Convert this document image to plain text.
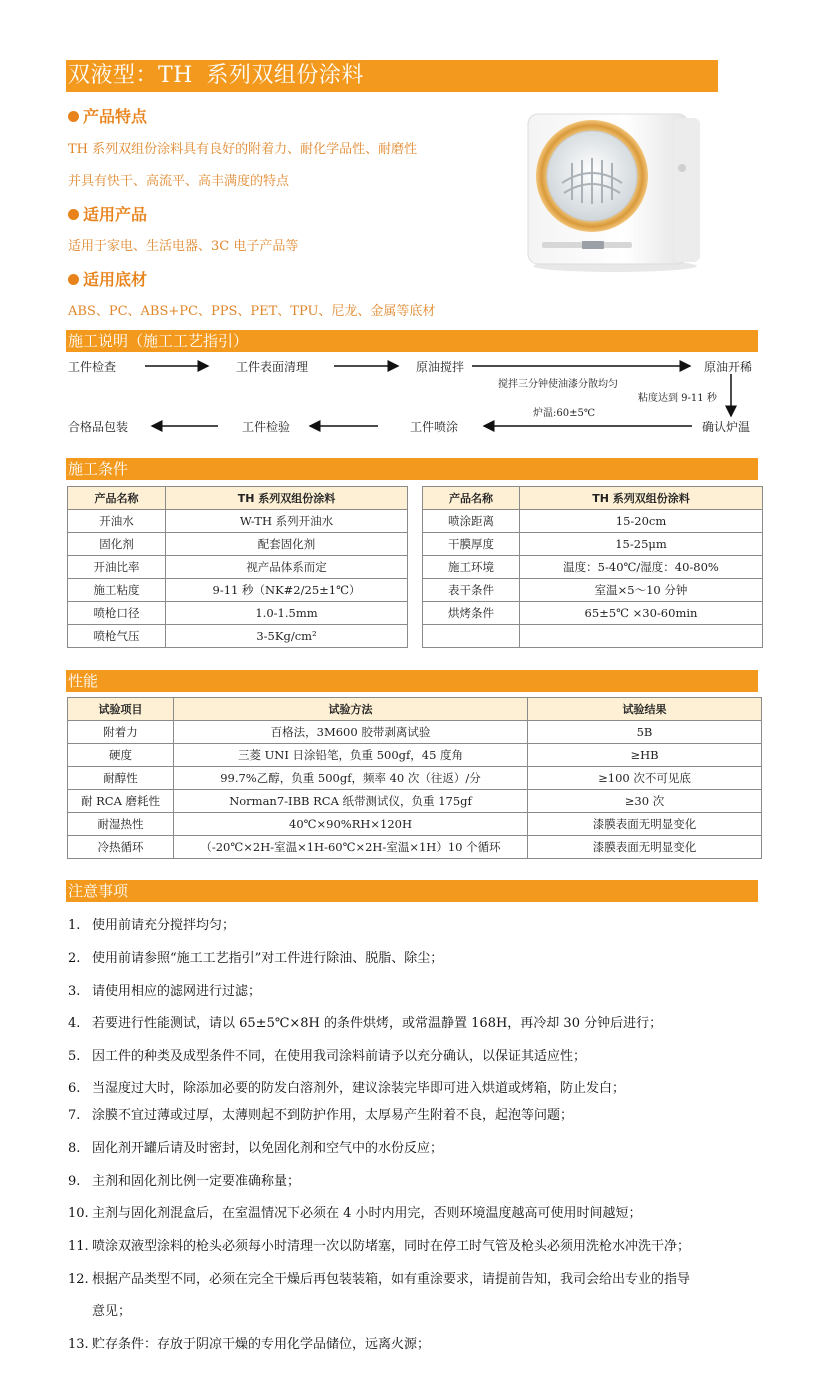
双液型：TH 系列双组份涂料
产品特点
TH 系列双组份涂料具有良好的附着力、耐化学品性、耐磨性
并具有快干、高流平、高丰满度的特点
适用产品
适用于家电、生活电器、3C 电子产品等
适用底材
ABS、PC、ABS+PC、PPS、PET、TPU、尼龙、金属等底材
施工说明（施工工艺指引）
工件检查	工件表面清理	原油搅拌	原油开稀
搅拌三分钟使油漆分散均匀
粘度达到 9-11 秒
炉温:60±5℃
合格品包装	工件检验	工件喷涂	确认炉温
施工条件
产品名称	TH 系列双组份涂料
开油水	W-TH 系列开油水
固化剂	配套固化剂
开油比率	视产品体系而定
施工粘度	9-11 秒（NK#2/25±1℃）
喷枪口径	1.0-1.5mm
喷枪气压	3-5Kg/cm²
产品名称	TH 系列双组份涂料
喷涂距离	15-20cm
干膜厚度	15-25μm
施工环境	温度：5-40℃/湿度：40-80%
表干条件	室温×5～10 分钟
烘烤条件	65±5℃ ×30-60min

性能
试验项目	试验方法	试验结果
附着力	百格法，3M600 胶带剥离试验	5B
硬度	三菱 UNI 日涂铅笔，负重 500gf，45 度角	≥HB
耐醇性	99.7%乙醇，负重 500gf，频率 40 次（往返）/分	≥100 次不可见底
耐 RCA 磨耗性	Norman7-IBB RCA 纸带测试仪，负重 175gf	≥30 次
耐湿热性	40℃×90%RH×120H	漆膜表面无明显变化
冷热循环	（-20℃×2H-室温×1H-60℃×2H-室温×1H）10 个循环	漆膜表面无明显变化
注意事项
1. 使用前请充分搅拌均匀；
2. 使用前请参照“施工工艺指引”对工件进行除油、脱脂、除尘；
3. 请使用相应的滤网进行过滤；
4. 若要进行性能测试，请以 65±5℃×8H 的条件烘烤，或常温静置 168H，再冷却 30 分钟后进行；
5. 因工件的种类及成型条件不同，在使用我司涂料前请予以充分确认，以保证其适应性；
6. 当湿度过大时，除添加必要的防发白溶剂外，建议涂装完毕即可进入烘道或烤箱，防止发白；
7. 涂膜不宜过薄或过厚，太薄则起不到防护作用，太厚易产生附着不良，起泡等问题；
8. 固化剂开罐后请及时密封，以免固化剂和空气中的水份反应；
9. 主剂和固化剂比例一定要准确称量；
10. 主剂与固化剂混盒后，在室温情况下必须在 4 小时内用完，否则环境温度越高可使用时间越短；
11. 喷涂双液型涂料的枪头必须每小时清理一次以防堵塞，同时在停工时气管及枪头必须用洗枪水冲洗干净；
12. 根据产品类型不同，必须在完全干燥后再包装装箱，如有重涂要求，请提前告知，我司会给出专业的指导
意见；
13. 贮存条件：存放于阴凉干燥的专用化学品储位，远离火源；
